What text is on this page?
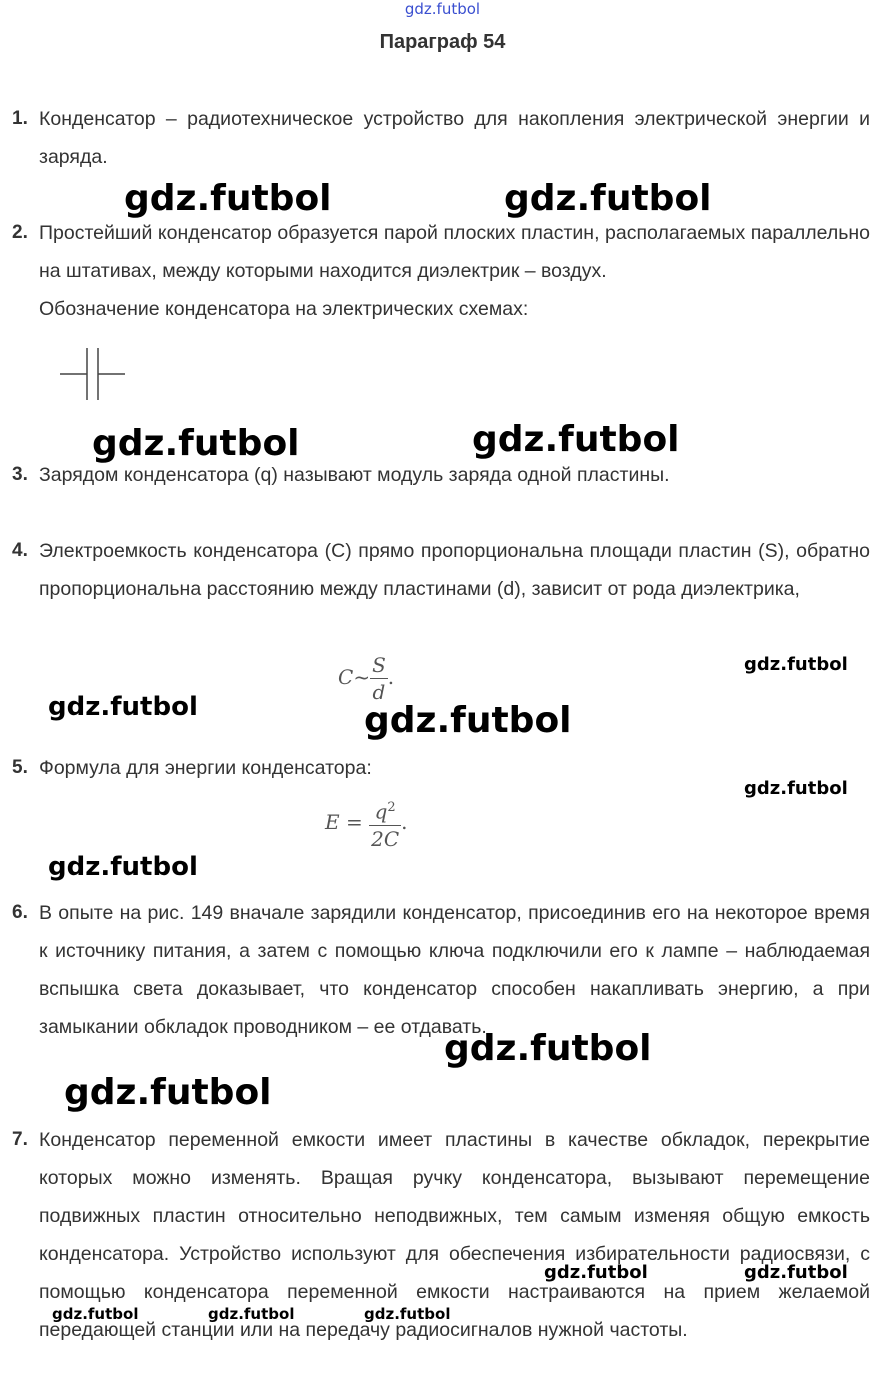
gdz.futbol
Параграф 54
1. Конденсатор – радиотехническое устройство для накопления электрической энергии и заряда.

2. Простейший конденсатор образуется парой плоских пластин, располагаемых параллельно на штативах, между которыми находится диэлектрик – воздух.

Обозначение конденсатора на электрических схемах:

3. Зарядом конденсатора (q) называют модуль заряда одной пластины.

4. Электроемкость конденсатора (C) прямо пропорциональна площади пластин (S), обратно пропорциональна расстоянию между пластинами (d), зависит от рода диэлектрика,

C~ $\frac{S}{d}$ .
5. Формула для энергии конденсатора:

$E = \frac{q^2}{2C}$ .
6. В опыте на рис. 149 вначале зарядили конденсатор, присоединив его на некоторое время к источнику питания, а затем с помощью ключа подключили его к лампе – наблюдаемая вспышка света доказывает, что конденсатор способен накапливать энергию, а при замыкании обкладок проводником – ее отдавать.

7. Конденсатор переменной емкости имеет пластины в качестве обкладок, перекрытие которых можно изменять. Вращая ручку конденсатора, вызывают перемещение подвижных пластин относительно неподвижных, тем самым изменяя общую емкость конденсатора. Устройство используют для обеспечения избирательности радиосвязи, с помощью конденсатора переменной емкости настраиваются на прием желаемой передающей станции или на передачу радиосигналов нужной частоты.

gdz.futbol	gdz.futbol
gdz.futbol	gdz.futbol
gdz.futbol
gdz.futbol	gdz.futbol
gdz.futbol
gdz.futbol
gdz.futbol
gdz.futbol
gdz.futbol	gdz.futbol
gdz.futbol	gdz.futbol	gdz.futbol
